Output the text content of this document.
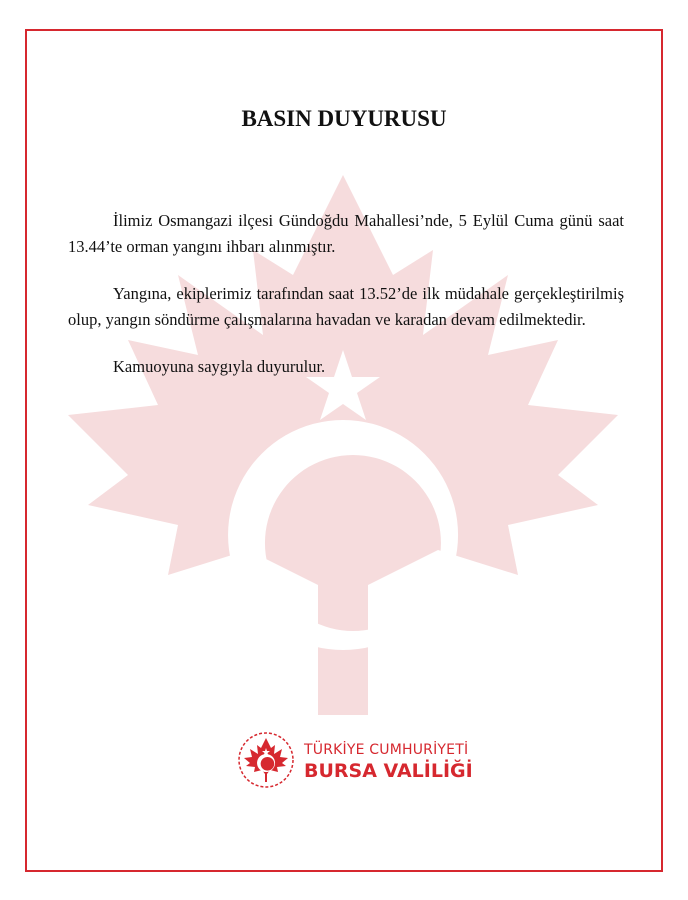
BASIN DUYURUSU

İlimiz Osmangazi ilçesi Gündoğdu Mahallesi’nde, 5 Eylül Cuma günü saat 13.44’te orman yangını ihbarı alınmıştır.

Yangına, ekiplerimiz tarafından saat 13.52’de ilk müdahale gerçekleştirilmiş olup, yangın söndürme çalışmalarına havadan ve karadan devam edilmektedir.

Kamuoyuna saygıyla duyurulur.

TÜRKİYE CUMHURİYETİ
BURSA VALİLİĞİ
